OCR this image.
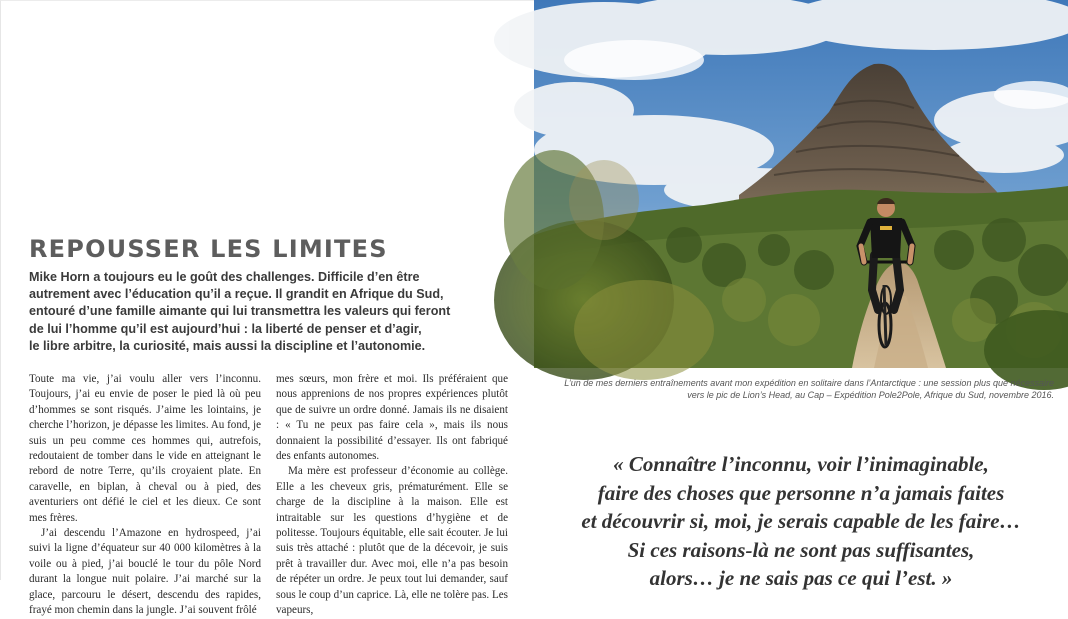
REPOUSSER LES LIMITES
Mike Horn a toujours eu le goût des challenges. Difficile d’en être
autrement avec l’éducation qu’il a reçue. Il grandit en Afrique du Sud,
entouré d’une famille aimante qui lui transmettra les valeurs qui feront
de lui l’homme qu’il est aujourd’hui : la liberté de penser et d’agir,
le libre arbitre, la curiosité, mais aussi la discipline et l’autonomie.

Toute ma vie, j’ai voulu aller vers l’inconnu. Toujours, j’ai eu envie de poser le pied là où peu d’hommes se sont risqués. J’aime les lointains, je cherche l’horizon, je dépasse les limites. Au fond, je suis un peu comme ces hommes qui, autrefois, redoutaient de tomber dans le vide en atteignant le rebord de notre Terre, qu’ils croyaient plate. En caravelle, en biplan, à cheval ou à pied, des aventuriers ont défié le ciel et les dieux. Ce sont mes frères.

J’ai descendu l’Amazone en hydrospeed, j’ai suivi la ligne d’équateur sur 40 000 kilomètres à la voile ou à pied, j’ai bouclé le tour du pôle Nord durant la longue nuit polaire. J’ai marché sur la glace, parcouru le désert, descendu des rapides, frayé mon chemin dans la jungle. J’ai souvent frôlé

mes sœurs, mon frère et moi. Ils préféraient que nous apprenions de nos propres expériences plutôt que de suivre un ordre donné. Jamais ils ne disaient : « Tu ne peux pas faire cela », mais ils nous donnaient la possibilité d’essayer. Ils ont fabriqué des enfants autonomes.

Ma mère est professeur d’économie au collège. Elle a les cheveux gris, prématurément. Elle se charge de la discipline à la maison. Elle est intraitable sur les questions d’hygiène et de politesse. Toujours équitable, elle sait écouter. Je lui suis très attaché : plutôt que de la décevoir, je suis prêt à travailler dur. Avec moi, elle n’a pas besoin de répéter un ordre. Je peux tout lui demander, sauf sous le coup d’un caprice. Là, elle ne tolère pas. Les vapeurs,

L’un de mes derniers entraînements avant mon expédition en solitaire dans l’Antarctique : une session plus que nécessaire vers le pic de Lion’s Head, au Cap – Expédition Pole2Pole, Afrique du Sud, novembre 2016.

« Connaître l’inconnu, voir l’inimaginable,
faire des choses que personne n’a jamais faites
et découvrir si, moi, je serais capable de les faire…
Si ces raisons-là ne sont pas suffisantes,
alors… je ne sais pas ce qui l’est. »
